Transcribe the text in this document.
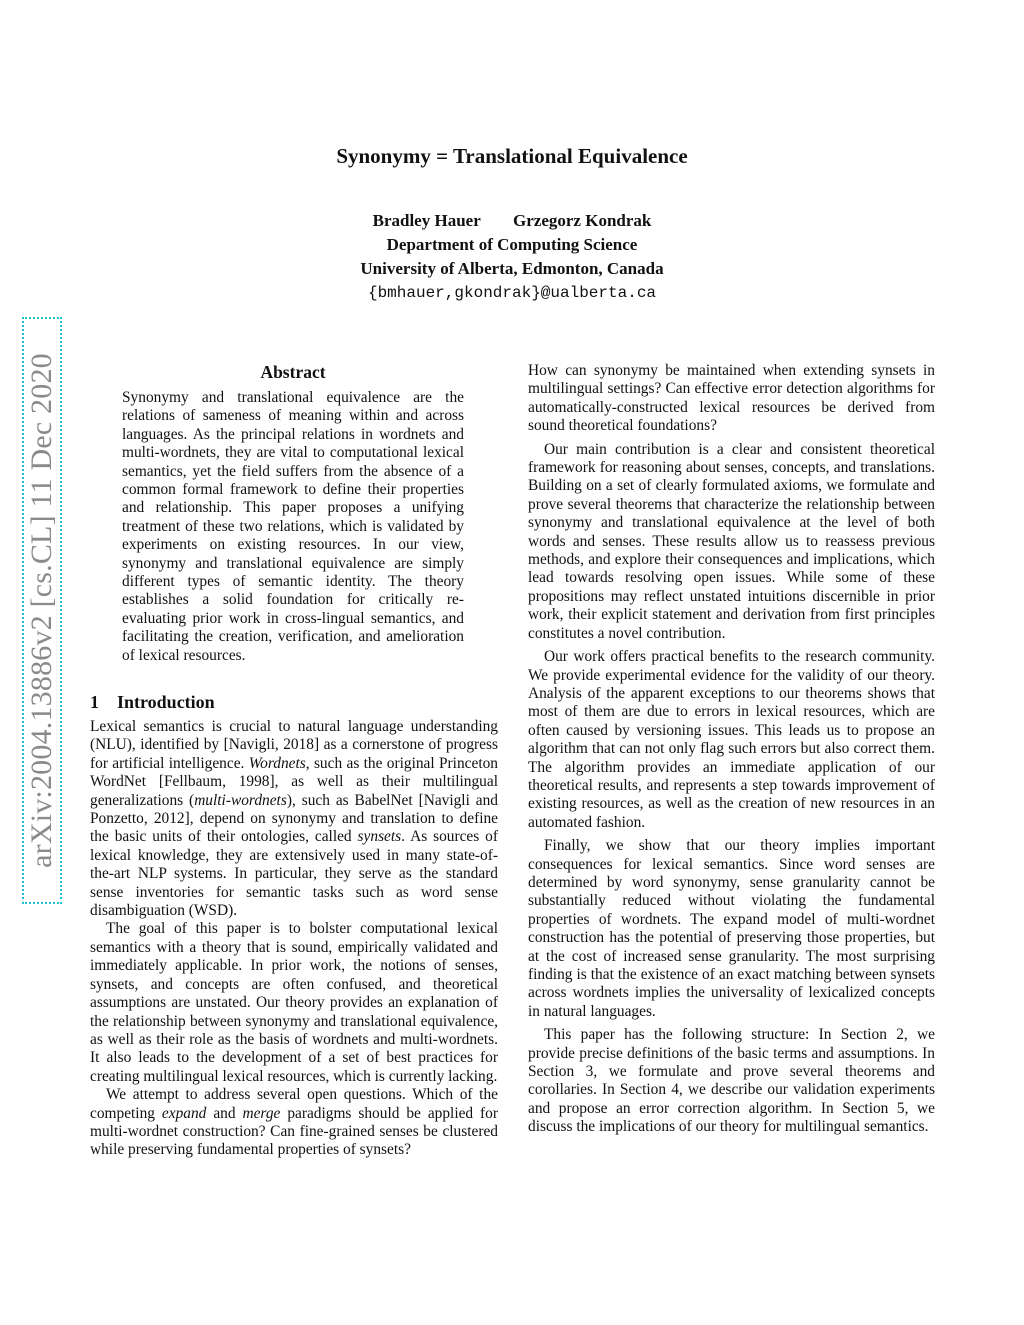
Synonymy = Translational Equivalence
Bradley Hauer Grzegorz Kondrak
Department of Computing Science
University of Alberta, Edmonton, Canada
{bmhauer,gkondrak}@ualberta.ca
arXiv:2004.13886v2 [cs.CL] 11 Dec 2020	Abstract
Synonymy and translational equivalence are the relations of sameness of meaning within and across languages. As the principal relations in wordnets and multi-wordnets, they are vital to computational lexical semantics, yet the field suffers from the absence of a common formal framework to define their properties and relationship. This paper proposes a unifying treatment of these two relations, which is validated by experiments on existing resources. In our view, synonymy and translational equivalence are simply different types of semantic identity. The theory establishes a solid foundation for critically re-evaluating prior work in cross-lingual semantics, and facilitating the creation, verification, and amelioration of lexical resources.
1 Introduction

Lexical semantics is crucial to natural language understanding (NLU), identified by [Navigli, 2018] as a cornerstone of progress for artificial intelligence. Wordnets, such as the original Princeton WordNet [Fellbaum, 1998], as well as their multilingual generalizations (multi-wordnets), such as BabelNet [Navigli and Ponzetto, 2012], depend on synonymy and translation to define the basic units of their ontologies, called synsets. As sources of lexical knowledge, they are extensively used in many state-of-the-art NLP systems. In particular, they serve as the standard sense inventories for semantic tasks such as word sense disambiguation (WSD).

The goal of this paper is to bolster computational lexical semantics with a theory that is sound, empirically validated and immediately applicable. In prior work, the notions of senses, synsets, and concepts are often confused, and theoretical assumptions are unstated. Our theory provides an explanation of the relationship between synonymy and translational equivalence, as well as their role as the basis of wordnets and multi-wordnets. It also leads to the development of a set of best practices for creating multilingual lexical resources, which is currently lacking.

We attempt to address several open questions. Which of the competing expand and merge paradigms should be applied for multi-wordnet construction? Can fine-grained senses be clustered while preserving fundamental properties of synsets?

How can synonymy be maintained when extending synsets in multilingual settings? Can effective error detection algorithms for automatically-constructed lexical resources be derived from sound theoretical foundations?

Our main contribution is a clear and consistent theoretical framework for reasoning about senses, concepts, and translations. Building on a set of clearly formulated axioms, we formulate and prove several theorems that characterize the relationship between synonymy and translational equivalence at the level of both words and senses. These results allow us to reassess previous methods, and explore their consequences and implications, which lead towards resolving open issues. While some of these propositions may reflect unstated intuitions discernible in prior work, their explicit statement and derivation from first principles constitutes a novel contribution.

Our work offers practical benefits to the research community. We provide experimental evidence for the validity of our theory. Analysis of the apparent exceptions to our theorems shows that most of them are due to errors in lexical resources, which are often caused by versioning issues. This leads us to propose an algorithm that can not only flag such errors but also correct them. The algorithm provides an immediate application of our theoretical results, and represents a step towards improvement of existing resources, as well as the creation of new resources in an automated fashion.

Finally, we show that our theory implies important consequences for lexical semantics. Since word senses are determined by word synonymy, sense granularity cannot be substantially reduced without violating the fundamental properties of wordnets. The expand model of multi-wordnet construction has the potential of preserving those properties, but at the cost of increased sense granularity. The most surprising finding is that the existence of an exact matching between synsets across wordnets implies the universality of lexicalized concepts in natural languages.

This paper has the following structure: In Section 2, we provide precise definitions of the basic terms and assumptions. In Section 3, we formulate and prove several theorems and corollaries. In Section 4, we describe our validation experiments and propose an error correction algorithm. In Section 5, we discuss the implications of our theory for multilingual semantics.
